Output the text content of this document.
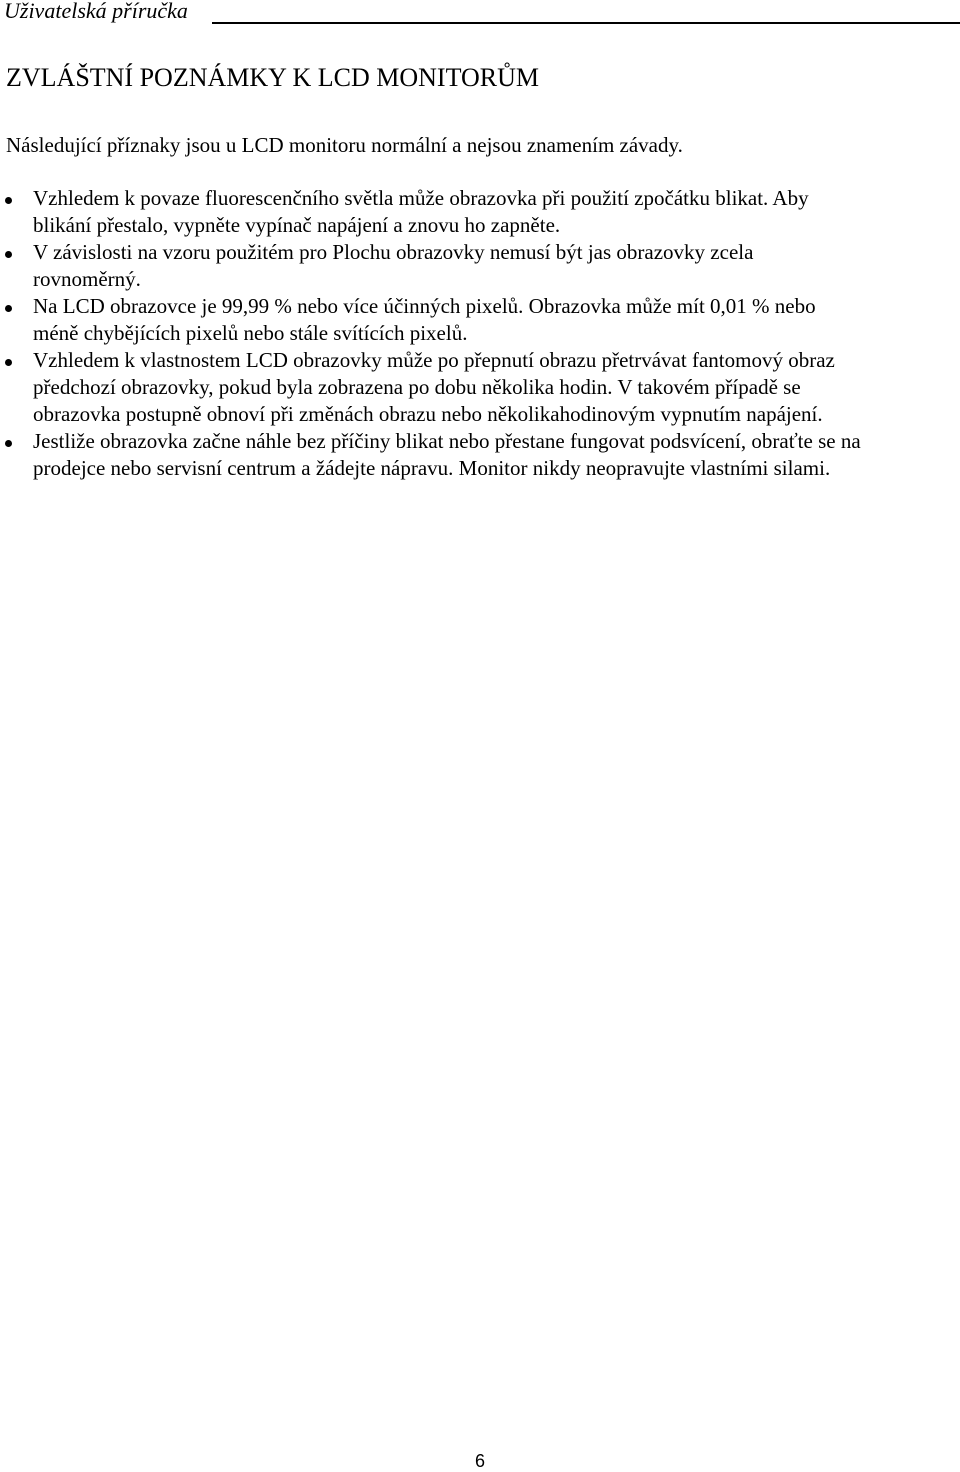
Uživatelská příručka
ZVLÁŠTNÍ POZNÁMKY K LCD MONITORŮM

Následující příznaky jsou u LCD monitoru normální a nejsou znamením závady.

Vzhledem k povaze fluorescenčního světla může obrazovka při použití zpočátku blikat. Aby
blikání přestalo, vypněte vypínač napájení a znovu ho zapněte.
V závislosti na vzoru použitém pro Plochu obrazovky nemusí být jas obrazovky zcela
rovnoměrný.
Na LCD obrazovce je 99,99 % nebo více účinných pixelů. Obrazovka může mít 0,01 % nebo
méně chybějících pixelů nebo stále svítících pixelů.
Vzhledem k vlastnostem LCD obrazovky může po přepnutí obrazu přetrvávat fantomový obraz
předchozí obrazovky, pokud byla zobrazena po dobu několika hodin. V takovém případě se
obrazovka postupně obnoví při změnách obrazu nebo několikahodinovým vypnutím napájení.
Jestliže obrazovka začne náhle bez příčiny blikat nebo přestane fungovat podsvícení, obraťte se na
prodejce nebo servisní centrum a žádejte nápravu. Monitor nikdy neopravujte vlastními silami.
6
